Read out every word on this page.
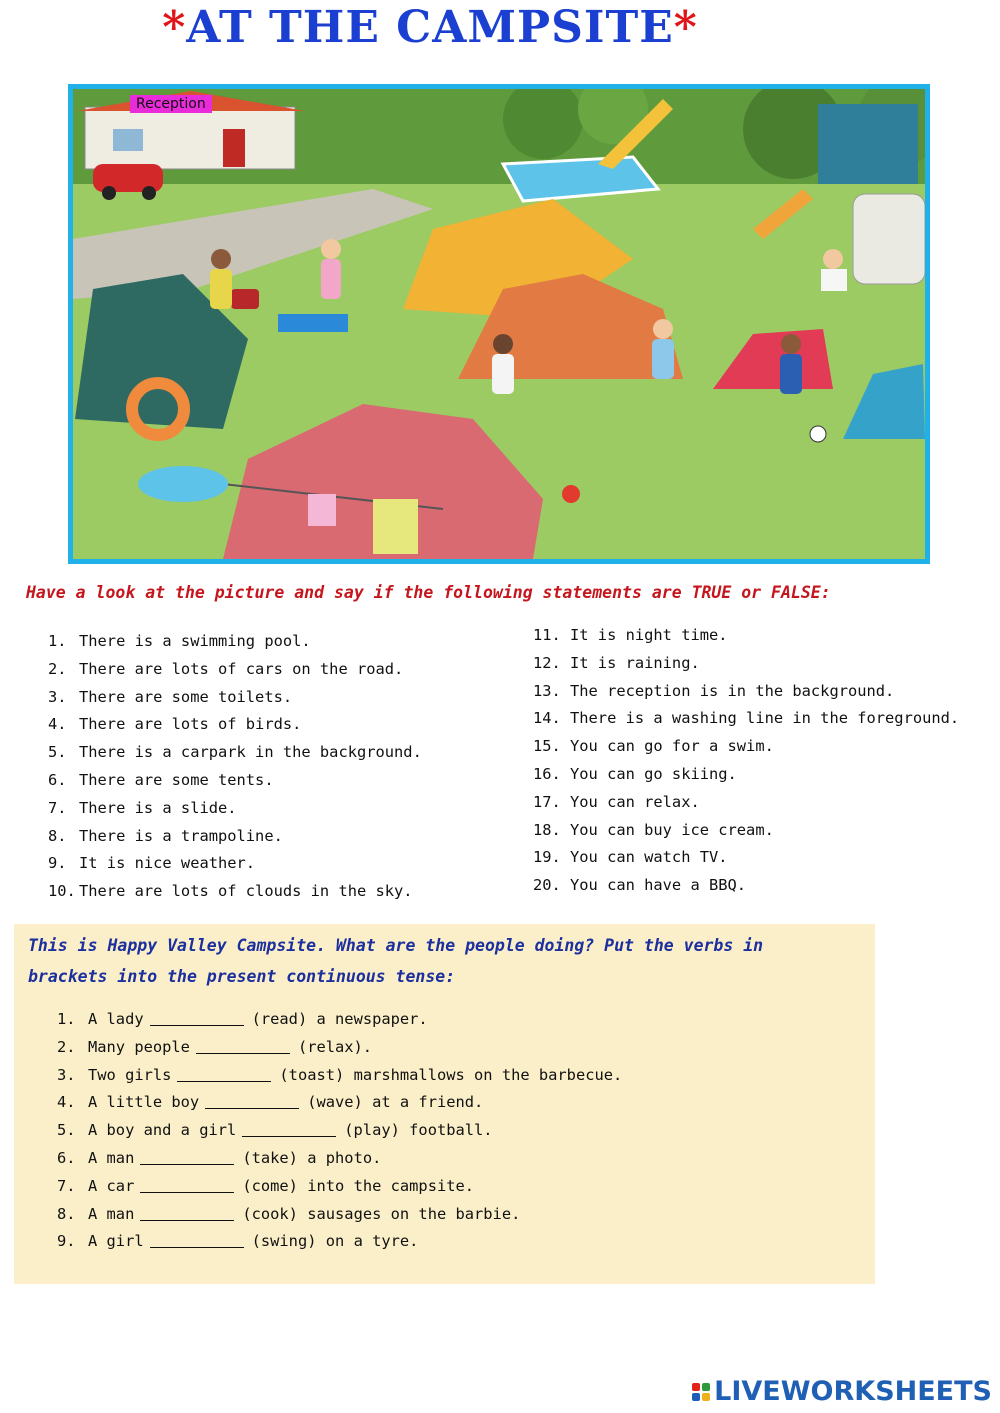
*AT THE CAMPSITE*
Reception
Have a look at the picture and say if the following statements are TRUE or FALSE:
1. There is a swimming pool.
2. There are lots of cars on the road.
3. There are some toilets.
4. There are lots of birds.
5. There is a carpark in the background.
6. There are some tents.
7. There is a slide.
8. There is a trampoline.
9. It is nice weather.
10. There are lots of clouds in the sky.
11. It is night time.
12. It is raining.
13. The reception is in the background.
14. There is a washing line in the foreground.
15. You can go for a swim.
16. You can go skiing.
17. You can relax.
18. You can buy ice cream.
19. You can watch TV.
20. You can have a BBQ.
This is Happy Valley Campsite. What are the people doing? Put the verbs in brackets into the present continuous tense:
1. A lady	(read) a newspaper.
2. Many people	(relax).
3. Two girls	(toast) marshmallows on the barbecue.
4. A little boy	(wave) at a friend.
5. A boy and a girl	(play) football.
6. A man	(take) a photo.
7. A car	(come) into the campsite.
8. A man	(cook) sausages on the barbie.
9. A girl	(swing) on a tyre.
LIVEWORKSHEETS
